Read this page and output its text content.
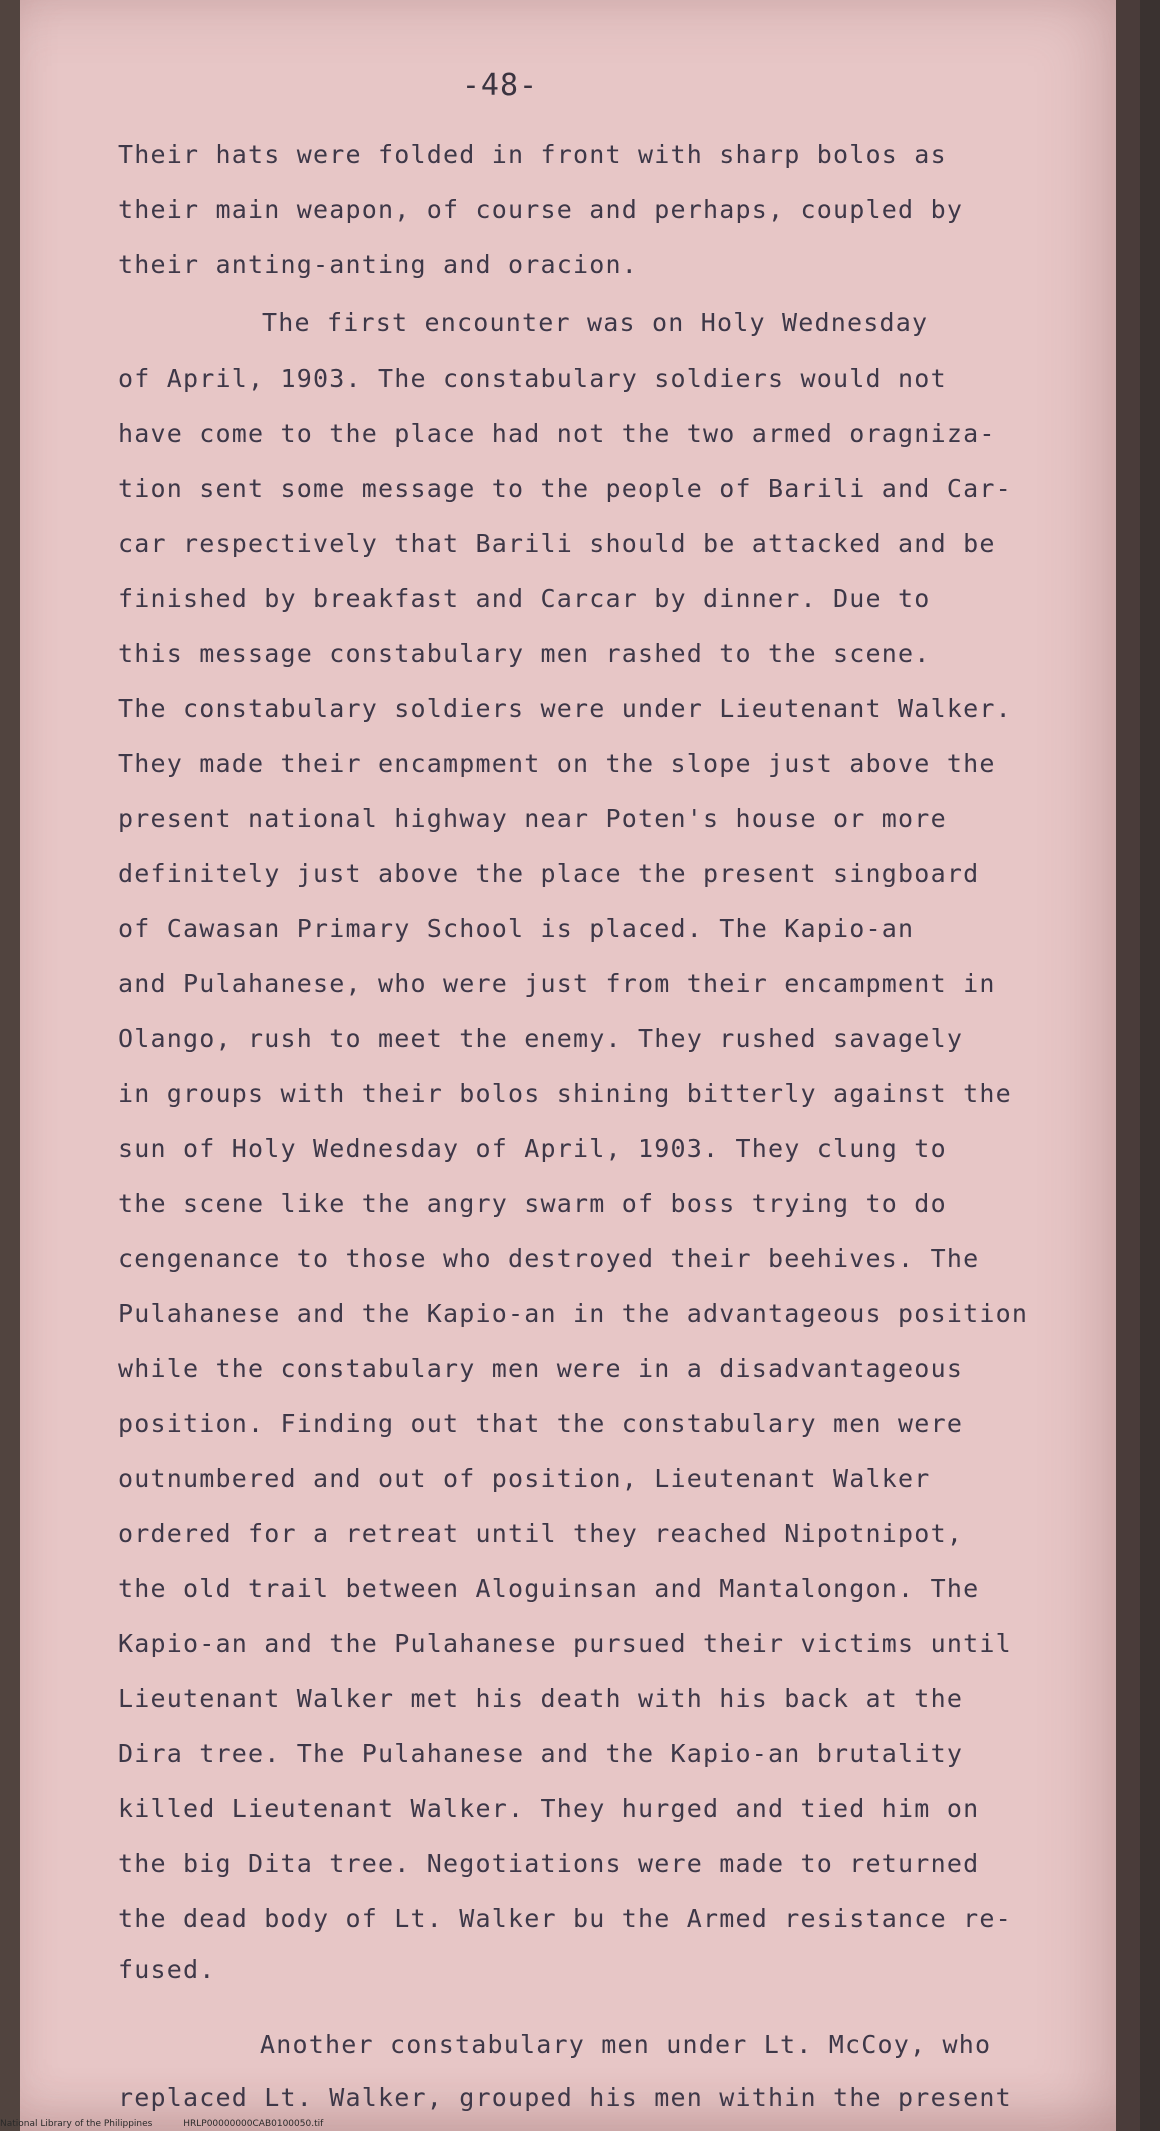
-48-
Their hats were folded in front with sharp bolos as
their main weapon, of course and perhaps, coupled by
their anting-anting and oracion.
The first encounter was on Holy Wednesday
of April, 1903. The constabulary soldiers would not
have come to the place had not the two armed oragniza-
tion sent some message to the people of Barili and Car-
car respectively that Barili should be attacked and be
finished by breakfast and Carcar by dinner. Due to
this message constabulary men rashed to the scene.
The constabulary soldiers were under Lieutenant Walker.
They made their encampment on the slope just above the
present national highway near Poten's house or more
definitely just above the place the present singboard
of Cawasan Primary School is placed. The Kapio-an
and Pulahanese, who were just from their encampment in
Olango, rush to meet the enemy. They rushed savagely
in groups with their bolos shining bitterly against the
sun of Holy Wednesday of April, 1903. They clung to
the scene like the angry swarm of boss trying to do
cengenance to those who destroyed their beehives. The
Pulahanese and the Kapio-an in the advantageous position
while the constabulary men were in a disadvantageous
position. Finding out that the constabulary men were
outnumbered and out of position, Lieutenant Walker
ordered for a retreat until they reached Nipotnipot,
the old trail between Aloguinsan and Mantalongon. The
Kapio-an and the Pulahanese pursued their victims until
Lieutenant Walker met his death with his back at the
Dira tree. The Pulahanese and the Kapio-an brutality
killed Lieutenant Walker. They hurged and tied him on
the big Dita tree. Negotiations were made to returned
the dead body of Lt. Walker bu the Armed resistance re-
fused.
Another constabulary men under Lt. McCoy, who
replaced Lt. Walker, grouped his men within the present
National Library of the Philippines	HRLP00000000CAB0100050.tif
